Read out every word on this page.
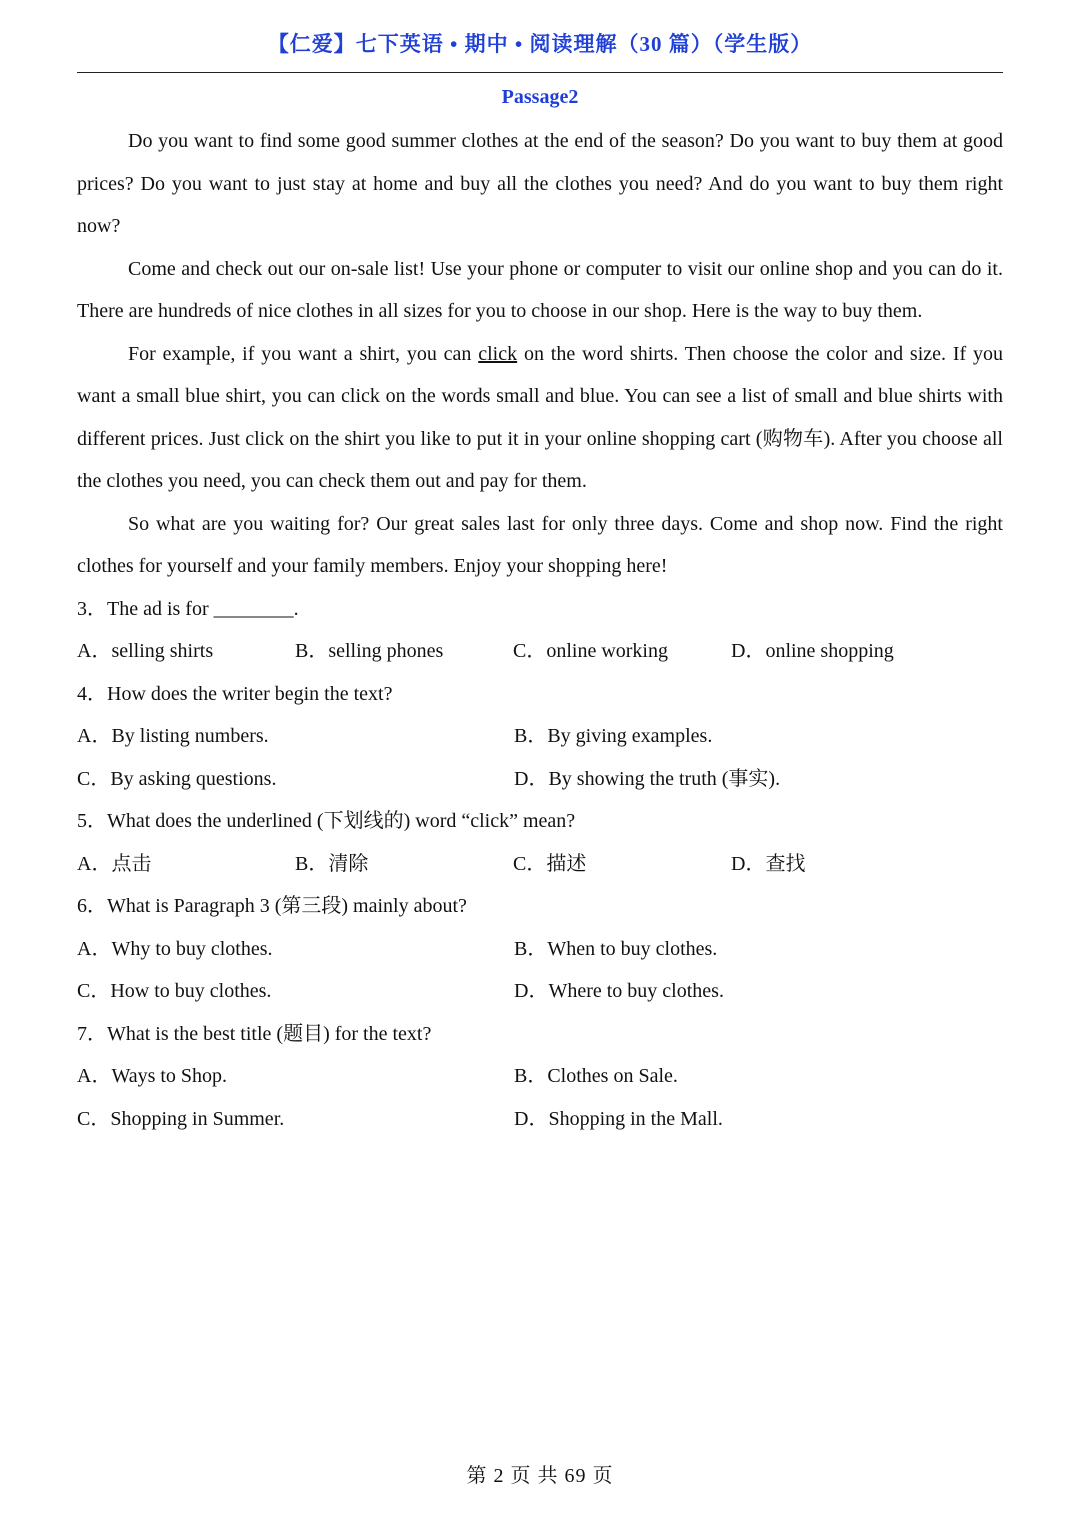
【仁爱】七下英语 • 期中 • 阅读理解（30 篇）（学生版）
Passage2

Do you want to find some good summer clothes at the end of the season? Do you want to buy them at good prices? Do you want to just stay at home and buy all the clothes you need? And do you want to buy them right now?

Come and check out our on-sale list! Use your phone or computer to visit our online shop and you can do it. There are hundreds of nice clothes in all sizes for you to choose in our shop. Here is the way to buy them.

For example, if you want a shirt, you can click on the word shirts. Then choose the color and size. If you want a small blue shirt, you can click on the words small and blue. You can see a list of small and blue shirts with different prices. Just click on the shirt you like to put it in your online shopping cart (购物车). After you choose all the clothes you need, you can check them out and pay for them.

So what are you waiting for? Our great sales last for only three days. Come and shop now. Find the right clothes for yourself and your family members. Enjoy your shopping here!

3．The ad is for ________.

A．selling shirts	B．selling phones	C．online working	D．online shopping

4．How does the writer begin the text?

A．By listing numbers.	B．By giving examples.
C．By asking questions.	D．By showing the truth (事实).

5．What does the underlined (下划线的) word “click” mean?

A．点击	B．清除	C．描述	D．查找

6．What is Paragraph 3 (第三段) mainly about?

A．Why to buy clothes.	B．When to buy clothes.
C．How to buy clothes.	D．Where to buy clothes.

7．What is the best title (题目) for the text?

A．Ways to Shop.	B．Clothes on Sale.
C．Shopping in Summer.	D．Shopping in the Mall.
第 2 页 共 69 页
